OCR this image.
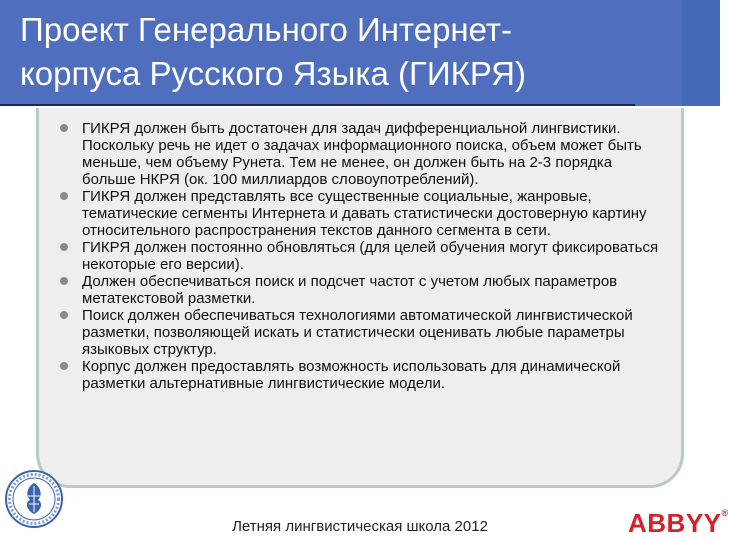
Проект Генерального Интернет-
корпуса Русского Языка (ГИКРЯ)
ГИКРЯ должен быть достаточен для задач дифференциальной лингвистики. Поскольку речь не идет о задачах информационного поиска, объем может быть меньше, чем объему Рунета. Тем не менее, он должен быть на 2-3 порядка больше НКРЯ (ок. 100 миллиардов словоупотреблений).
ГИКРЯ должен представлять все существенные социальные, жанровые, тематические сегменты Интернета и давать статистически достоверную картину относительного распространения текстов данного сегмента в сети.
ГИКРЯ должен постоянно обновляться (для целей обучения могут фиксироваться некоторые его версии).
Должен обеспечиваться поиск и подсчет частот с учетом любых параметров метатекстовой разметки.
Поиск должен обеспечиваться технологиями автоматической лингвистической разметки, позволяющей искать и статистически оценивать любые параметры языковых структур.
Корпус должен предоставлять возможность использовать для динамической разметки альтернативные лингвистические модели.
Летняя лингвистическая школа 2012	ABBYY®
